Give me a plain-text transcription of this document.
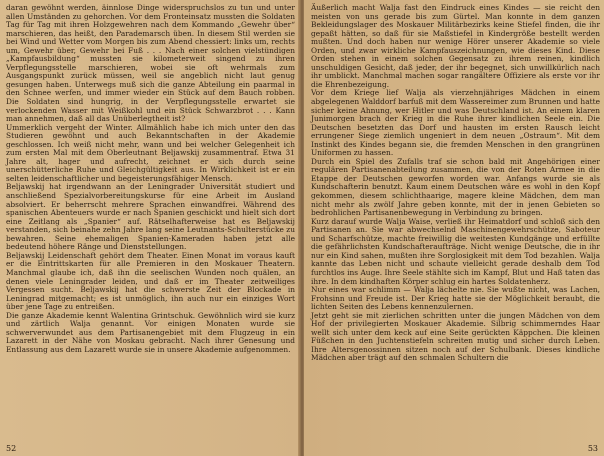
daran gewöhnt werden, äinnlose Dinge widerspruchslos zu tun und unter allen Umständen zu gehorchen. Vor dem Fronteinsatz mussten die Soldaten Tag für Tag mit ihren Holzgewehren nach dem Kommando „Gewehr über“ marschieren, das heißt, den Parademarsch üben. In diesem Stil werden sie bei Wind und Wetter vom Morgen bis zum Abend chessiert: links um, rechts um, Gewehr über, Gewehr bei Fuß . . . Nach einer solchen vielstündigen „Kampfausbildung“ mussten sie kilometerweit singend zu ihren Verpflegungsstelle marschieren, wobei sie oft wehrmals zum Ausgangspunkt zurück müssen, weil sie angeblich nicht laut genug gesungen haben. Unterwegs muß sich die ganze Abteilung ein paarmal in den Schnee werfen, und immer wieder ein Stück auf dem Bauch robben. Die Soldaten sind hungrig, in der Verpflegungsstelle erwartet sie verlockenden Wasser mit Weißkohl und ein Stück Schwarzbrot . . . Kann man annehmen, daß all das Unüberlegtheit ist?

Ummerklich vergeht der Winter. Allmählich habe ich mich unter den das Studieren gewöhnt und auch Bekanntschaften in der Akademie geschlossen. Ich weiß nicht mehr, wann und bei welcher Gelegenheit ich zum ersten Mal mit dem Oberleutnant Beljawskij zusammentraf. Etwa 31 Jahre alt, hager und aufrecht, zeichnet er sich durch seine unerschütterliche Ruhe und Gleichgültigkeit aus. In Wirklichkeit ist er ein selten leidenschaftlicher und begeisterungsfähiger Mensch.

Beljawskij hat irgendwann an der Leningrader Universität studiert und anschließend Spezialvorbereitungskurse für eine Arbeit im Ausland absolviert. Er beherrscht mehrere Sprachen einwandfrei. Während des spanischen Abenteuers wurde er nach Spanien geschickt und hielt sich dort eine Zeitlang als „Spanier“ auf. Rätselhafterweise hat es Beljawskij verstanden, sich beinahe zehn Jahre lang seine Leutnants-Schulterstücke zu bewahren. Seine ehemaligen Spanien-Kameraden haben jetzt alle bedeutend höhere Ränge und Dienststellungen.

Beljawskij Leidenschaft gehört dem Theater. Einen Monat im voraus kauft er die Eintrittskarten für alle Premieren in den Moskauer Theatern. Manchmal glaube ich, daß ihn die seelischen Wunden noch quälen, an denen viele Leningrader leiden, und daß er im Theater zeitweiliges Vergessen sucht. Beljawskij hat die schwerste Zeit der Blockade in Leningrad mitgemacht; es ist unmöglich, ihn auch nur ein einziges Wort über jene Tage zu entreißen.

Die ganze Akademie kennt Walentina Grintschuk. Gewöhnlich wird sie kurz und zärtlich Walja genannt. Vor einigen Monaten wurde sie schwerverwundet aus dem Partisanengebiet mit dem Flugzeug in ein Lazarett in der Nähe von Moskau gebracht. Nach ihrer Genesung und Entlassung aus dem Lazarett wurde sie in unsere Akademie aufgenommen.

52

Äußerlich macht Walja fast den Eindruck eines Kindes — sie reicht den meisten von uns gerade bis zum Gürtel. Man konnte in dem ganzen Bekleidungslager des Moskauer Militärbezirks keine Stiefel finden, die ihr gepaßt hätten, so daß für sie Maßstiefel in Kindergröße bestellt werden mußten. Und doch haben nur wenige Hörer unserer Akademie so viele Orden, und zwar wirkliche Kampfauszeichnungen, wie dieses Kind. Diese Orden stehen in einem solchen Gegensatz zu ihrem reinen, kindlich unschuldigen Gesicht, daß jeder, der ihr begegnet, sich unwillkürlich nach ihr umblickt. Manchmal machen sogar rangältere Offiziere als erste vor ihr die Ehrenbezeigung.

Vor dem Kriege lief Walja als vierzehnjähriges Mädchen in einem abgelegenen Walddorf barfuß mit dem Wassereimer zum Brunnen und hatte sicher keine Ahnung, wer Hitler und was Deutschland ist. An einem klaren Junimorgen brach der Krieg in die Ruhe ihrer kindlichen Seele ein. Die Deutschen besetzten das Dorf und hausten im ersten Rausch leicht errungener Siege ziemlich ungeniert in dem neuen „Ostraum“. Mit dem Instinkt des Kindes begann sie, die fremden Menschen in den grangrünen Uniformen zu hassen.

Durch ein Spiel des Zufalls traf sie schon bald mit Angehörigen einer regulären Partisanenabteilung zusammen, die von der Roten Armee in die Etappe der Deutschen geworfen worden war. Anfangs wurde sie als Kundschafterin benutzt. Kaum einem Deutschen wäre es wohl in den Kopf gekommen, diesem schlichthaarige, magere kleine Mädchen, dem man nicht mehr als zwölf Jahre geben konnte, mit der in jenen Gebieten so bedrohlichen Partisanenbewegung in Verbindung zu bringen.

Kurz darauf wurde Walja Waise, verließ ihr Heimatdorf und schloß sich den Partisanen an. Sie war abwechselnd Maschinengewehrschütze, Saboteur und Scharfschütze, machte freiwillig die weitesten Kundgänge und erfüllte die gefährlichsten Kundschafteraufträge. Nicht wenige Deutsche, die in ihr nur ein Kind sahen, mußten ihre Sorglosigkeit mit dem Tod bezahlen. Walja kannte das Leben nicht und schaute vielleicht gerade deshalb dem Tod furchtlos ins Auge. Ihre Seele stählte sich im Kampf, Blut und Haß taten das ihre. In dem kindhaften Körper schlug ein hartes Soldatenherz.

Nur eines war schlimm — Walja lächelte nie. Sie wußte nicht, was Lachen, Frohsinn und Freude ist. Der Krieg hatte sie der Möglichkeit beraubt, die lichten Seiten des Lebens kennenzulernen.

Jetzt geht sie mit zierlichen schritten unter die jungen Mädchen von dem Hof der privilegierten Moskauer Akademie. Silbrig schimmerndes Haar wellt sich unter dem keck auf eine Seite gerückten Käppchen. Die kleinen Füßchen in den Juchtenstiefeln schreiten mutig und sicher durch Leben. Ihre Altersgenossinnen sitzen noch auf der Schulbank. Dieses kindliche Mädchen aber trägt auf den schmalen Schultern die

53
